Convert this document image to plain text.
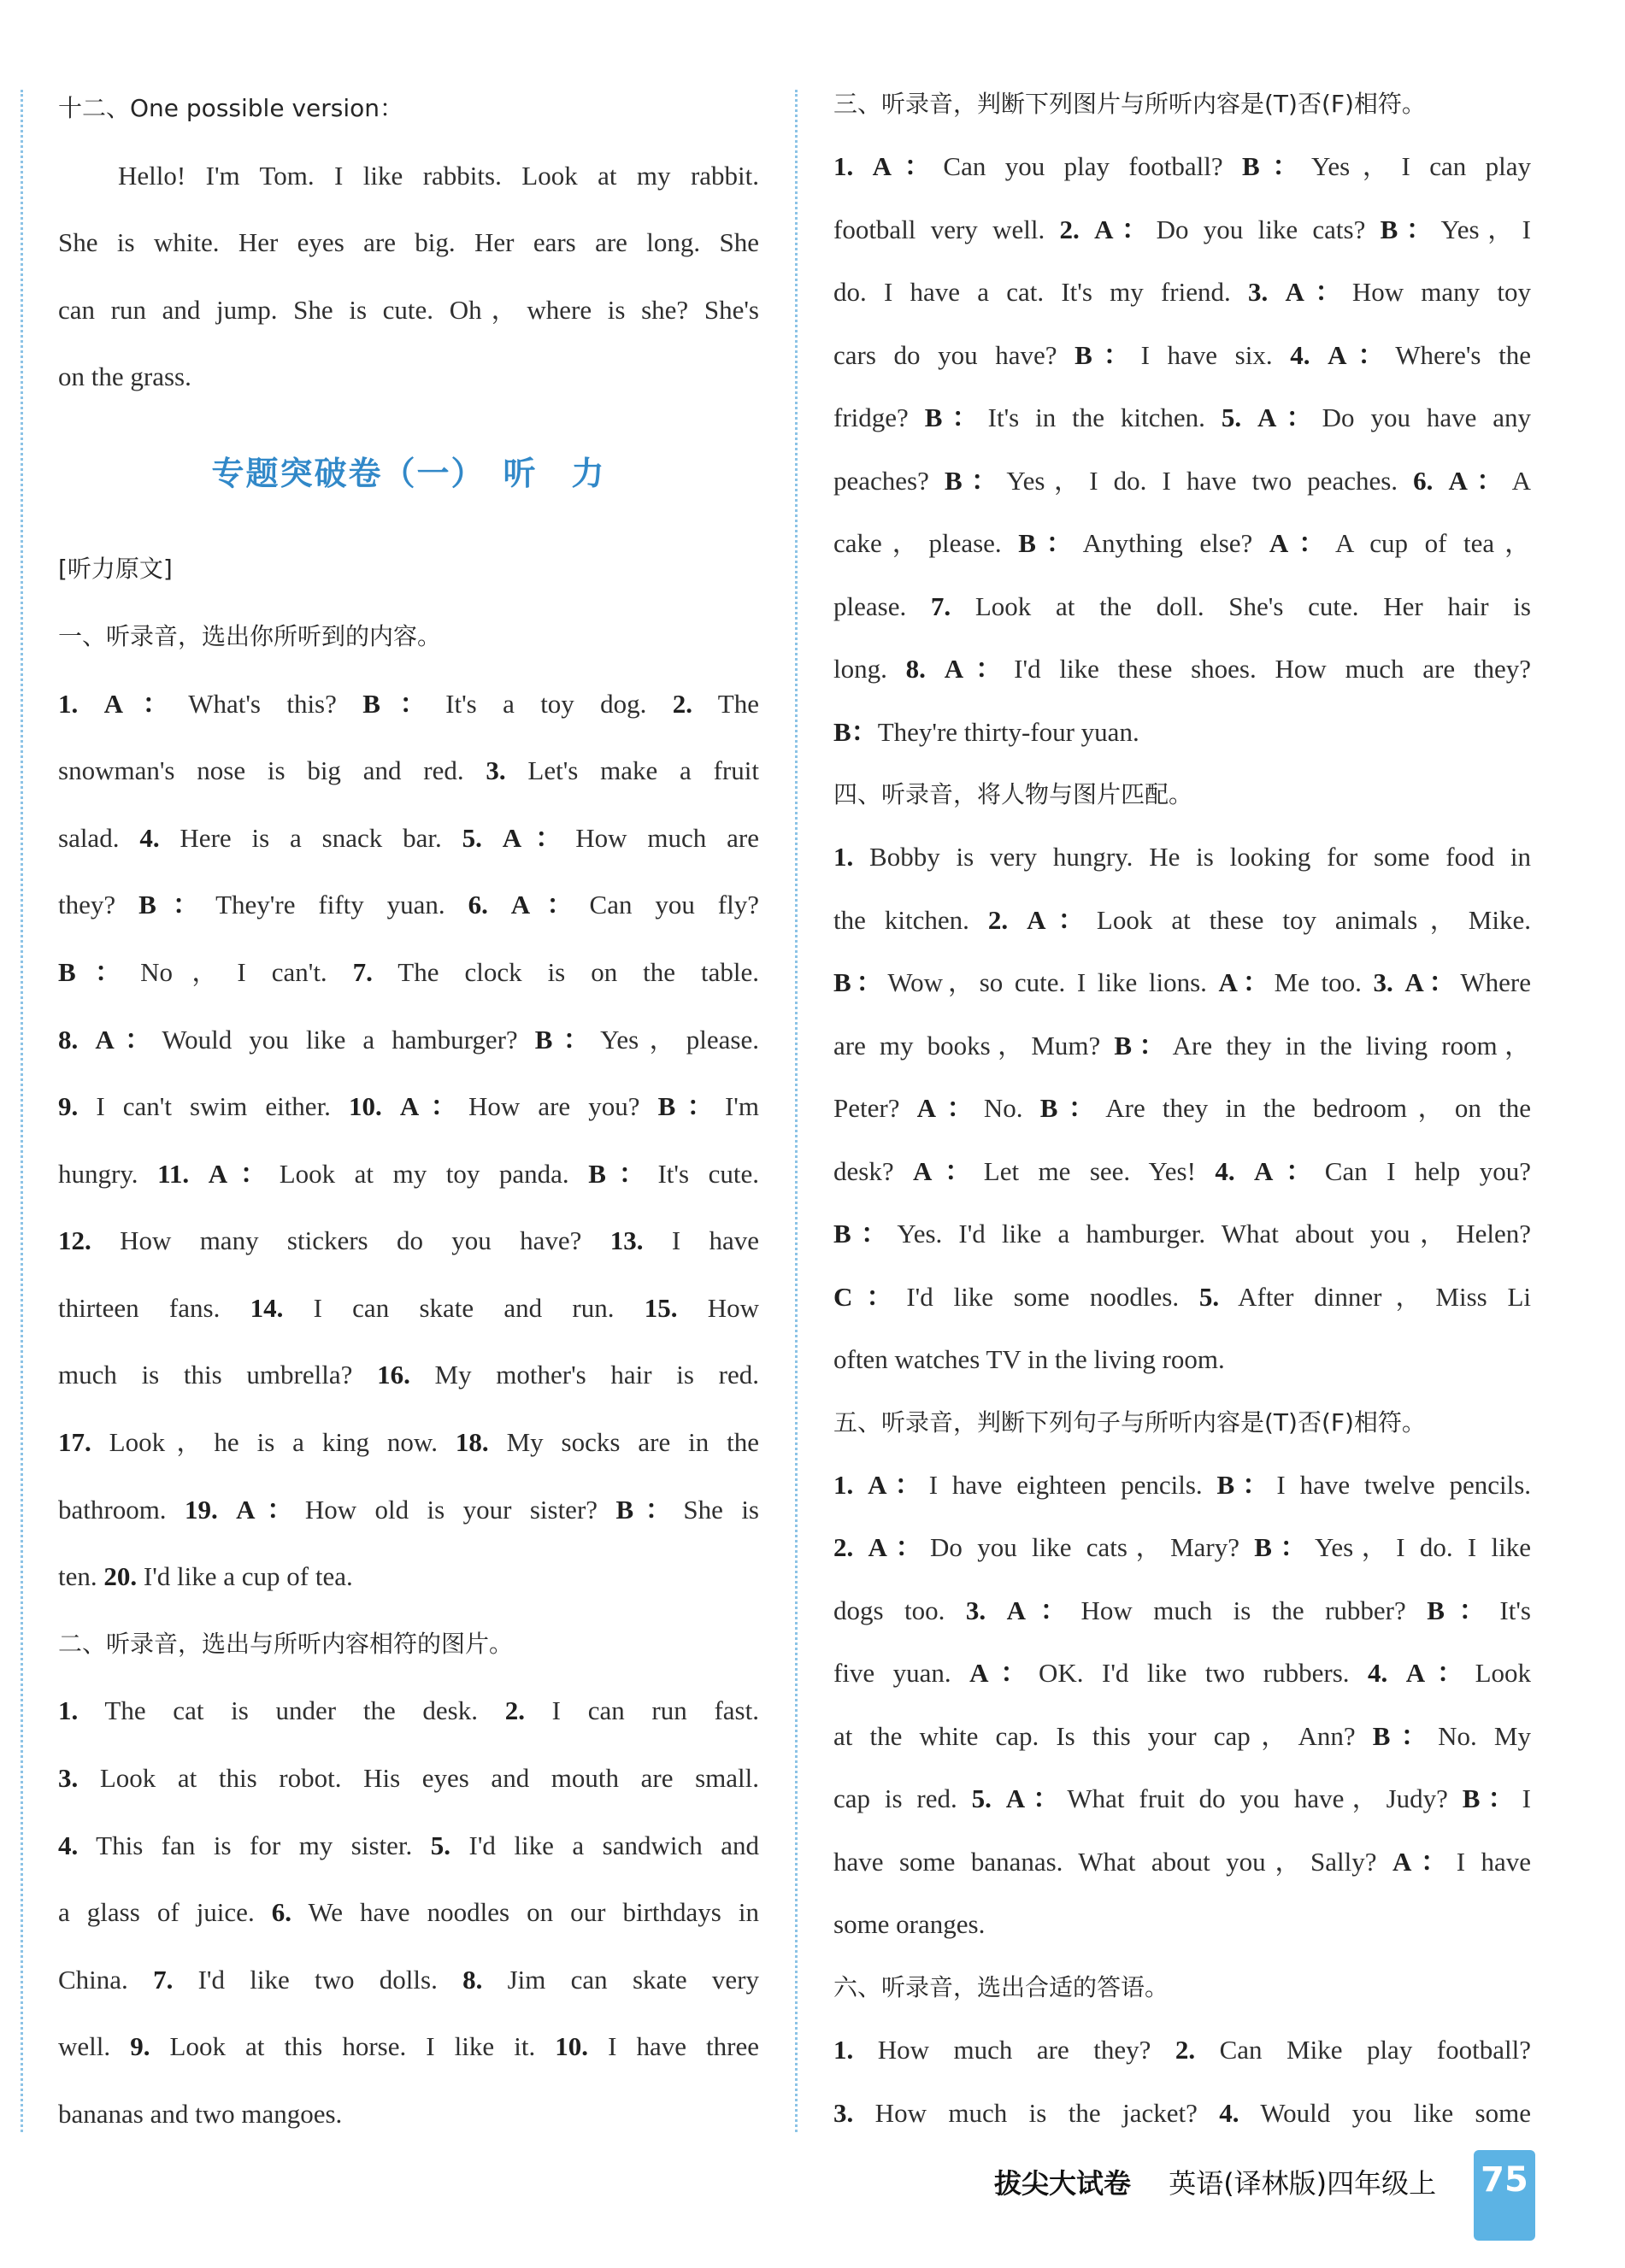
十二、One possible version：
Hello! I'm Tom. I like rabbits. Look at my rabbit.
She is white. Her eyes are big. Her ears are long. She
can run and jump. She is cute. Oh，where is she? She's
on the grass.
专题突破卷（一）　听　力
[听力原文]
一、听录音，选出你所听到的内容。
1. A：What's this? B：It's a toy dog. 2. The
snowman's nose is big and red. 3. Let's make a fruit
salad. 4. Here is a snack bar. 5. A：How much are
they? B：They're fifty yuan. 6. A：Can you fly?
B：No，I can't. 7. The clock is on the table.
8. A：Would you like a hamburger? B：Yes，please.
9. I can't swim either. 10. A：How are you? B：I'm
hungry. 11. A：Look at my toy panda. B：It's cute.
12. How many stickers do you have? 13. I have
thirteen fans. 14. I can skate and run. 15. How
much is this umbrella? 16. My mother's hair is red.
17. Look，he is a king now. 18. My socks are in the
bathroom. 19. A：How old is your sister? B：She is
ten. 20. I'd like a cup of tea.
二、听录音，选出与所听内容相符的图片。
1. The cat is under the desk. 2. I can run fast.
3. Look at this robot. His eyes and mouth are small.
4. This fan is for my sister. 5. I'd like a sandwich and
a glass of juice. 6. We have noodles on our birthdays in
China. 7. I'd like two dolls. 8. Jim can skate very
well. 9. Look at this horse. I like it. 10. I have three
bananas and two mangoes.
三、听录音，判断下列图片与所听内容是(T)否(F)相符。
1. A：Can you play football? B：Yes，I can play
football very well. 2. A：Do you like cats? B：Yes，I
do. I have a cat. It's my friend. 3. A：How many toy
cars do you have? B：I have six. 4. A：Where's the
fridge? B：It's in the kitchen. 5. A：Do you have any
peaches? B：Yes，I do. I have two peaches. 6. A：A
cake，please. B：Anything else? A：A cup of tea，
please. 7. Look at the doll. She's cute. Her hair is
long. 8. A：I'd like these shoes. How much are they?
B：They're thirty-four yuan.
四、听录音，将人物与图片匹配。
1. Bobby is very hungry. He is looking for some food in
the kitchen. 2. A：Look at these toy animals，Mike.
B：Wow，so cute. I like lions. A：Me too. 3. A：Where
are my books，Mum? B：Are they in the living room，
Peter? A：No. B：Are they in the bedroom，on the
desk? A：Let me see. Yes! 4. A：Can I help you?
B：Yes. I'd like a hamburger. What about you，Helen?
C：I'd like some noodles. 5. After dinner，Miss Li
often watches TV in the living room.
五、听录音，判断下列句子与所听内容是(T)否(F)相符。
1. A：I have eighteen pencils. B：I have twelve pencils.
2. A：Do you like cats，Mary? B：Yes，I do. I like
dogs too. 3. A：How much is the rubber? B：It's
five yuan. A：OK. I'd like two rubbers. 4. A：Look
at the white cap. Is this your cap，Ann? B：No. My
cap is red. 5. A：What fruit do you have，Judy? B：I
have some bananas. What about you，Sally? A：I have
some oranges.
六、听录音，选出合适的答语。
1. How much are they? 2. Can Mike play football?
3. How much is the jacket? 4. Would you like some
拔尖大试卷 英语(译林版)四年级上 75
